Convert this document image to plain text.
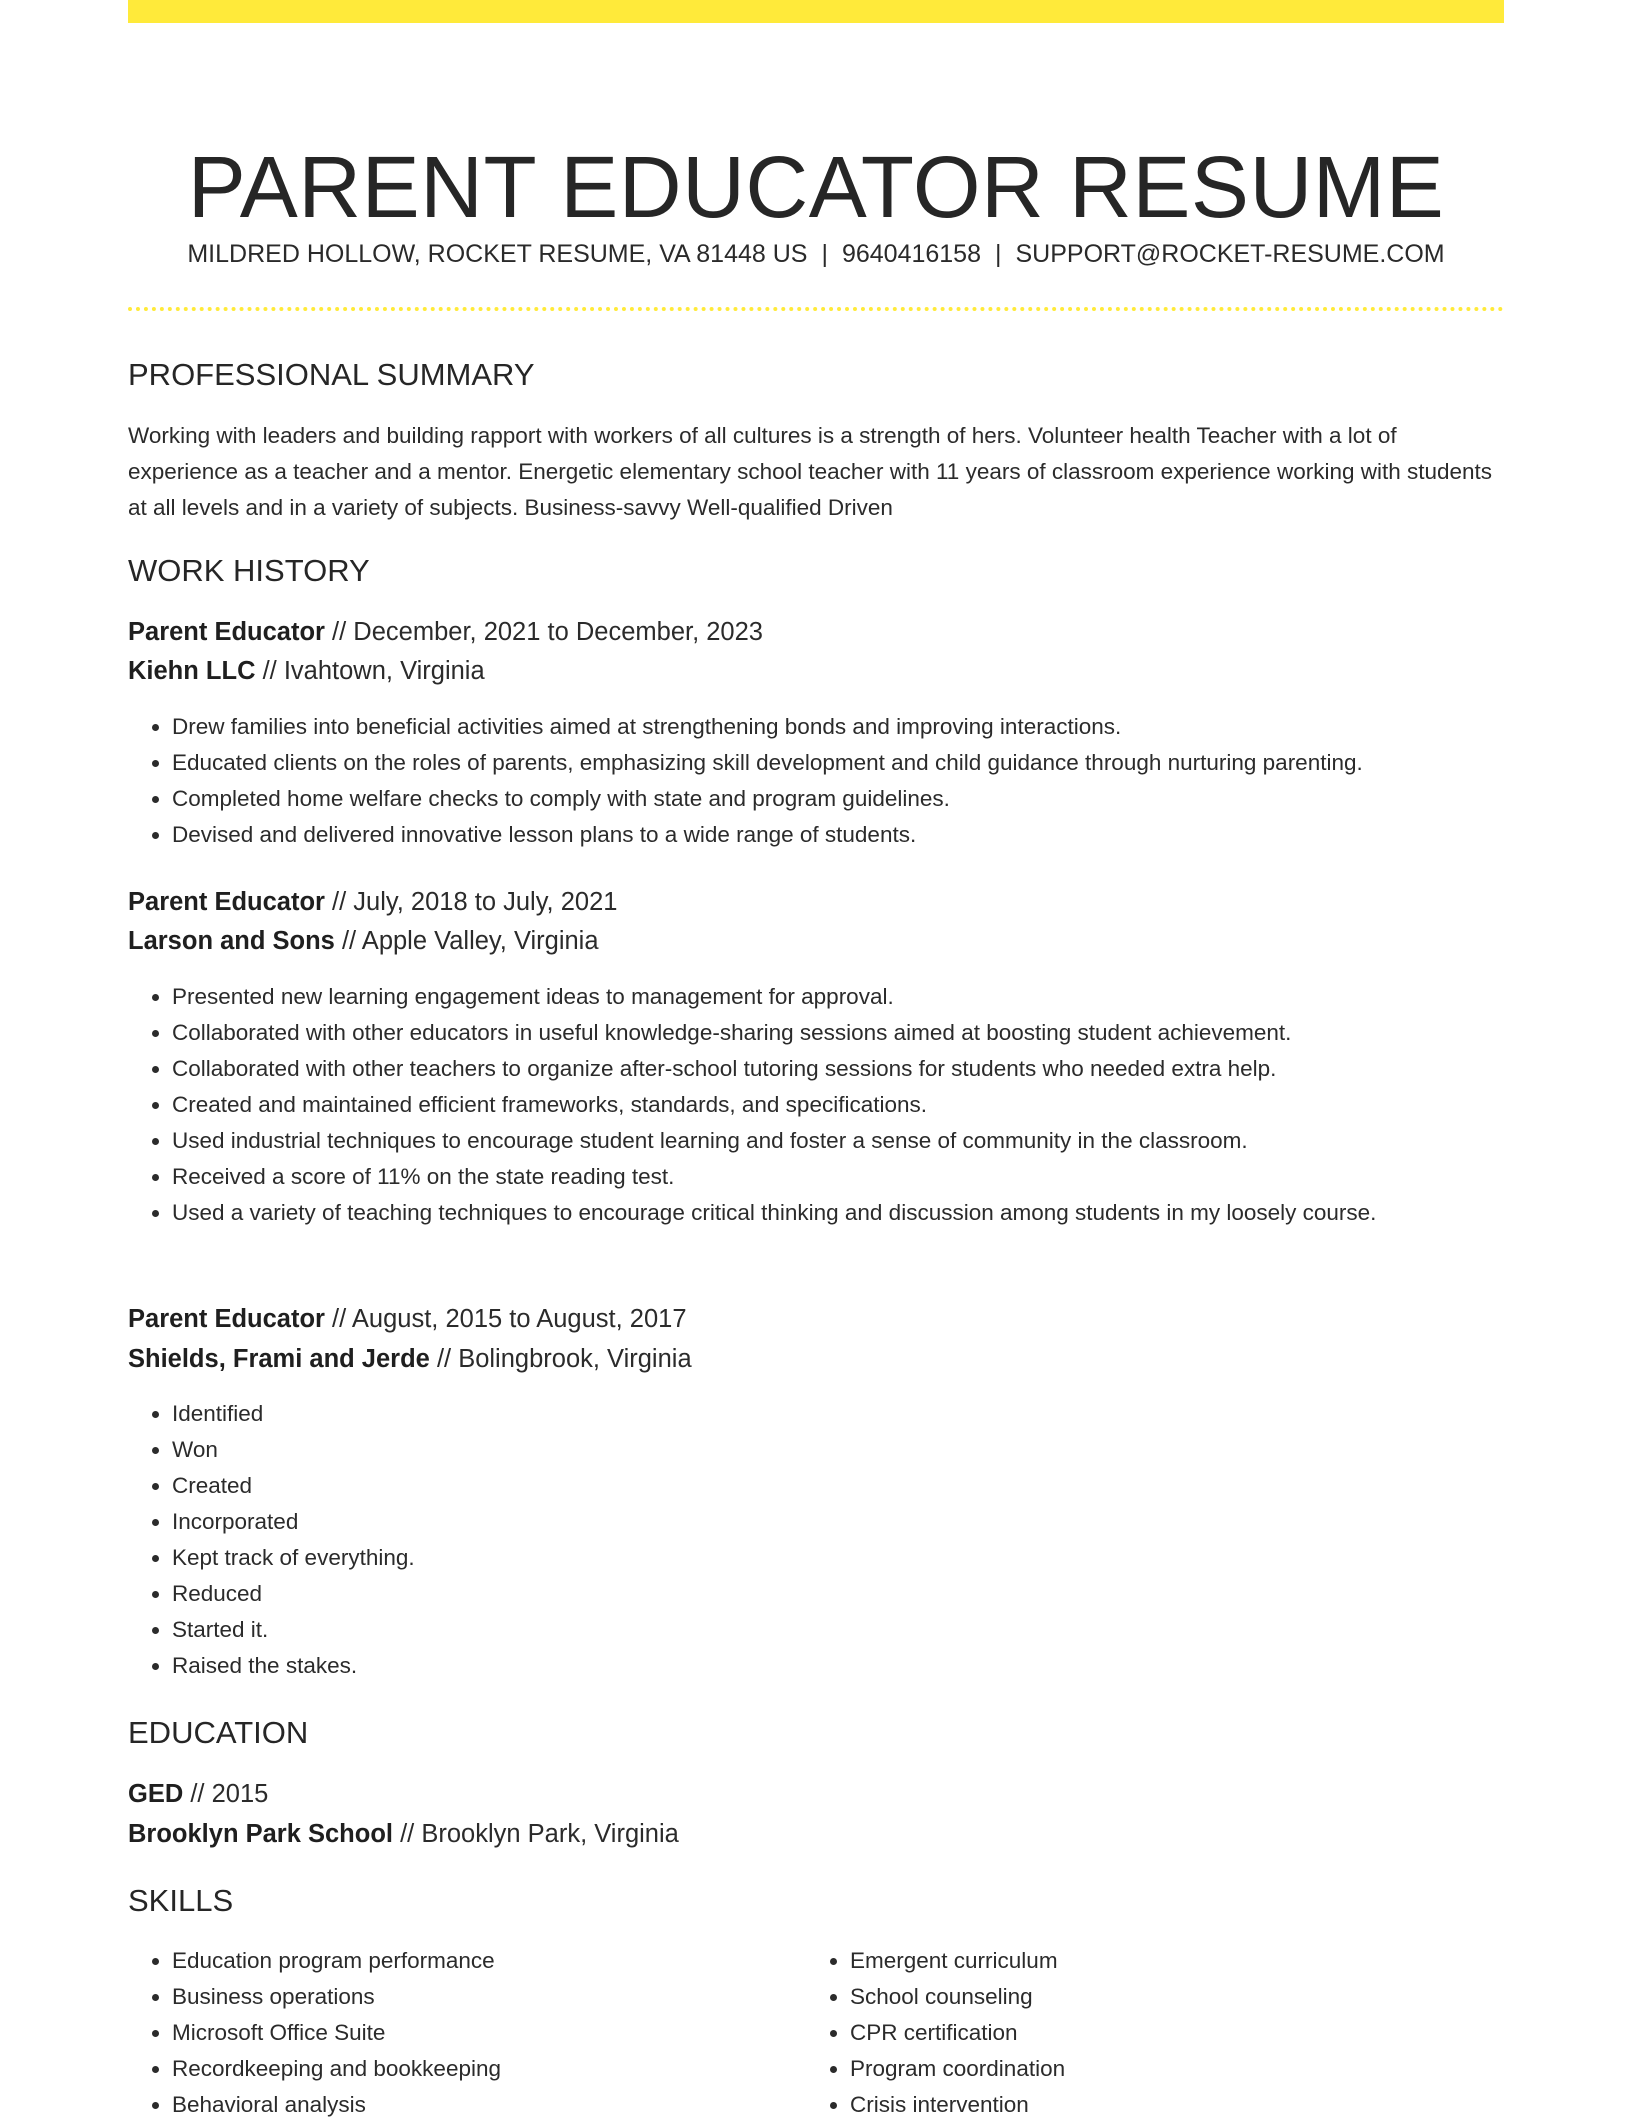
PARENT EDUCATOR RESUME
MILDRED HOLLOW, ROCKET RESUME, VA 81448 US | 9640416158 | SUPPORT@ROCKET-RESUME.COM
PROFESSIONAL SUMMARY

Working with leaders and building rapport with workers of all cultures is a strength of hers. Volunteer health Teacher with a lot of experience as a teacher and a mentor. Energetic elementary school teacher with 11 years of classroom experience working with students at all levels and in a variety of subjects. Business-savvy Well-qualified Driven

WORK HISTORY
Parent Educator // December, 2021 to December, 2023
Kiehn LLC // Ivahtown, Virginia
• Drew families into beneficial activities aimed at strengthening bonds and improving interactions.
• Educated clients on the roles of parents, emphasizing skill development and child guidance through nurturing parenting.
• Completed home welfare checks to comply with state and program guidelines.
• Devised and delivered innovative lesson plans to a wide range of students.
Parent Educator // July, 2018 to July, 2021
Larson and Sons // Apple Valley, Virginia
• Presented new learning engagement ideas to management for approval.
• Collaborated with other educators in useful knowledge-sharing sessions aimed at boosting student achievement.
• Collaborated with other teachers to organize after-school tutoring sessions for students who needed extra help.
• Created and maintained efficient frameworks, standards, and specifications.
• Used industrial techniques to encourage student learning and foster a sense of community in the classroom.
• Received a score of 11% on the state reading test.
• Used a variety of teaching techniques to encourage critical thinking and discussion among students in my loosely course.
Parent Educator // August, 2015 to August, 2017
Shields, Frami and Jerde // Bolingbrook, Virginia
• Identified
• Won
• Created
• Incorporated
• Kept track of everything.
• Reduced
• Started it.
• Raised the stakes.
EDUCATION
GED // 2015
Brooklyn Park School // Brooklyn Park, Virginia
SKILLS
• Education program performance
• Business operations
• Microsoft Office Suite
• Recordkeeping and bookkeeping
• Behavioral analysis
• Emergent curriculum
• School counseling
• CPR certification
• Program coordination
• Crisis intervention
